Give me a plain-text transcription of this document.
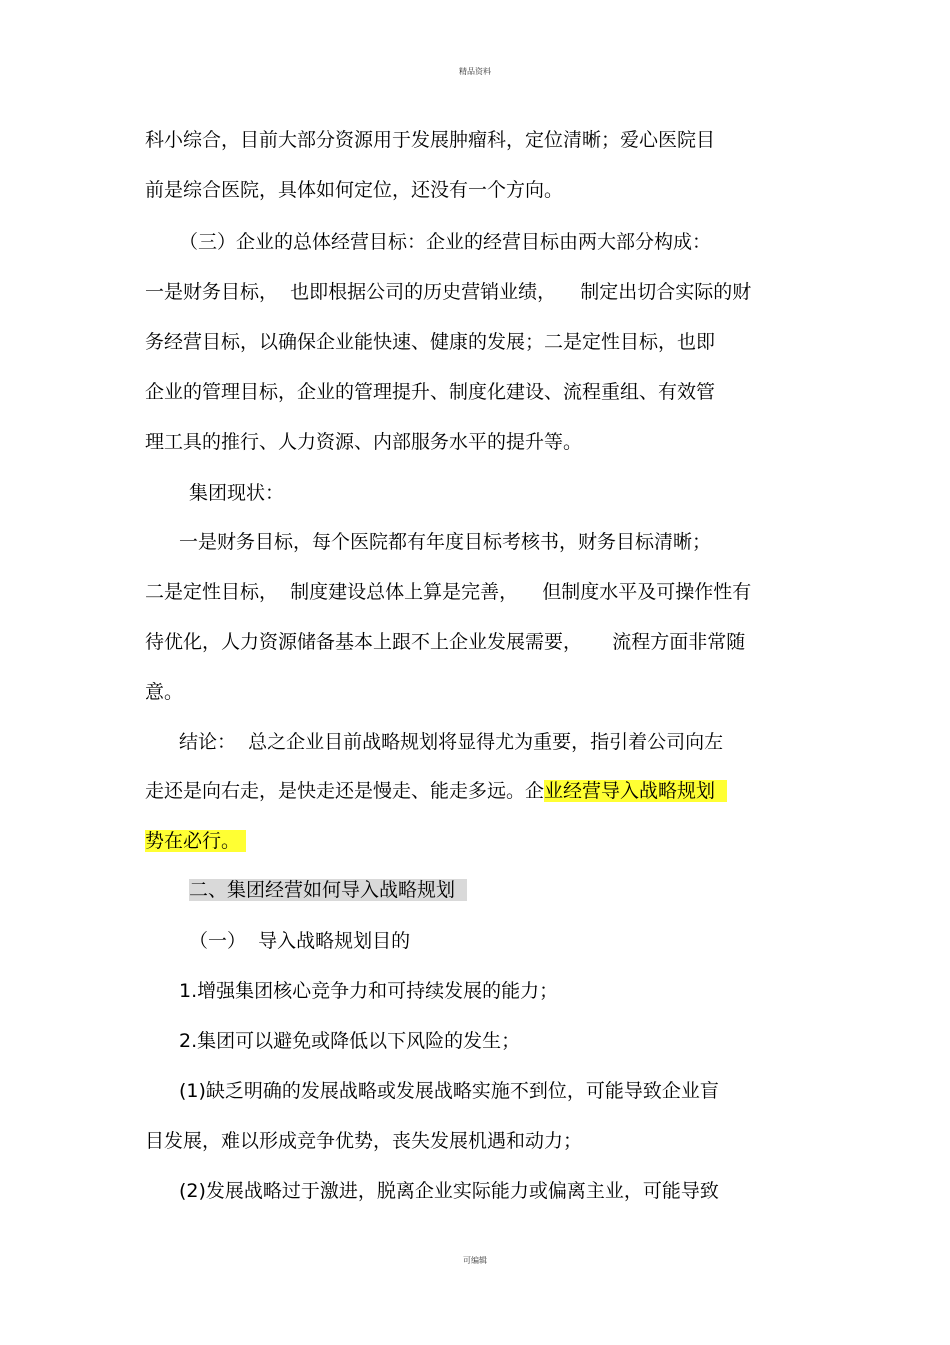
精品资料
科小综合，目前大部分资源用于发展肿瘤科，定位清晰；爱心医院目
前是综合医院，具体如何定位，还没有一个方向。
（三）企业的总体经营目标：企业的经营目标由两大部分构成：
一是财务目标，  也即根据公司的历史营销业绩，    制定出切合实际的财
务经营目标，以确保企业能快速、健康的发展；二是定性目标，也即
企业的管理目标，企业的管理提升、制度化建设、流程重组、有效管
理工具的推行、人力资源、内部服务水平的提升等。
集团现状：
一是财务目标，每个医院都有年度目标考核书，财务目标清晰；
二是定性目标，  制度建设总体上算是完善，    但制度水平及可操作性有
待优化，人力资源储备基本上跟不上企业发展需要，     流程方面非常随
意。
结论：  总之企业目前战略规划将显得尤为重要，指引着公司向左
走还是向右走，是快走还是慢走、能走多远。企业经营导入战略规划
势在必行。
二、集团经营如何导入战略规划
（一）  导入战略规划目的
1.增强集团核心竞争力和可持续发展的能力；
2.集团可以避免或降低以下风险的发生；
(1)缺乏明确的发展战略或发展战略实施不到位，可能导致企业盲
目发展，难以形成竞争优势，丧失发展机遇和动力；
(2)发展战略过于激进，脱离企业实际能力或偏离主业，可能导致
可编辑
